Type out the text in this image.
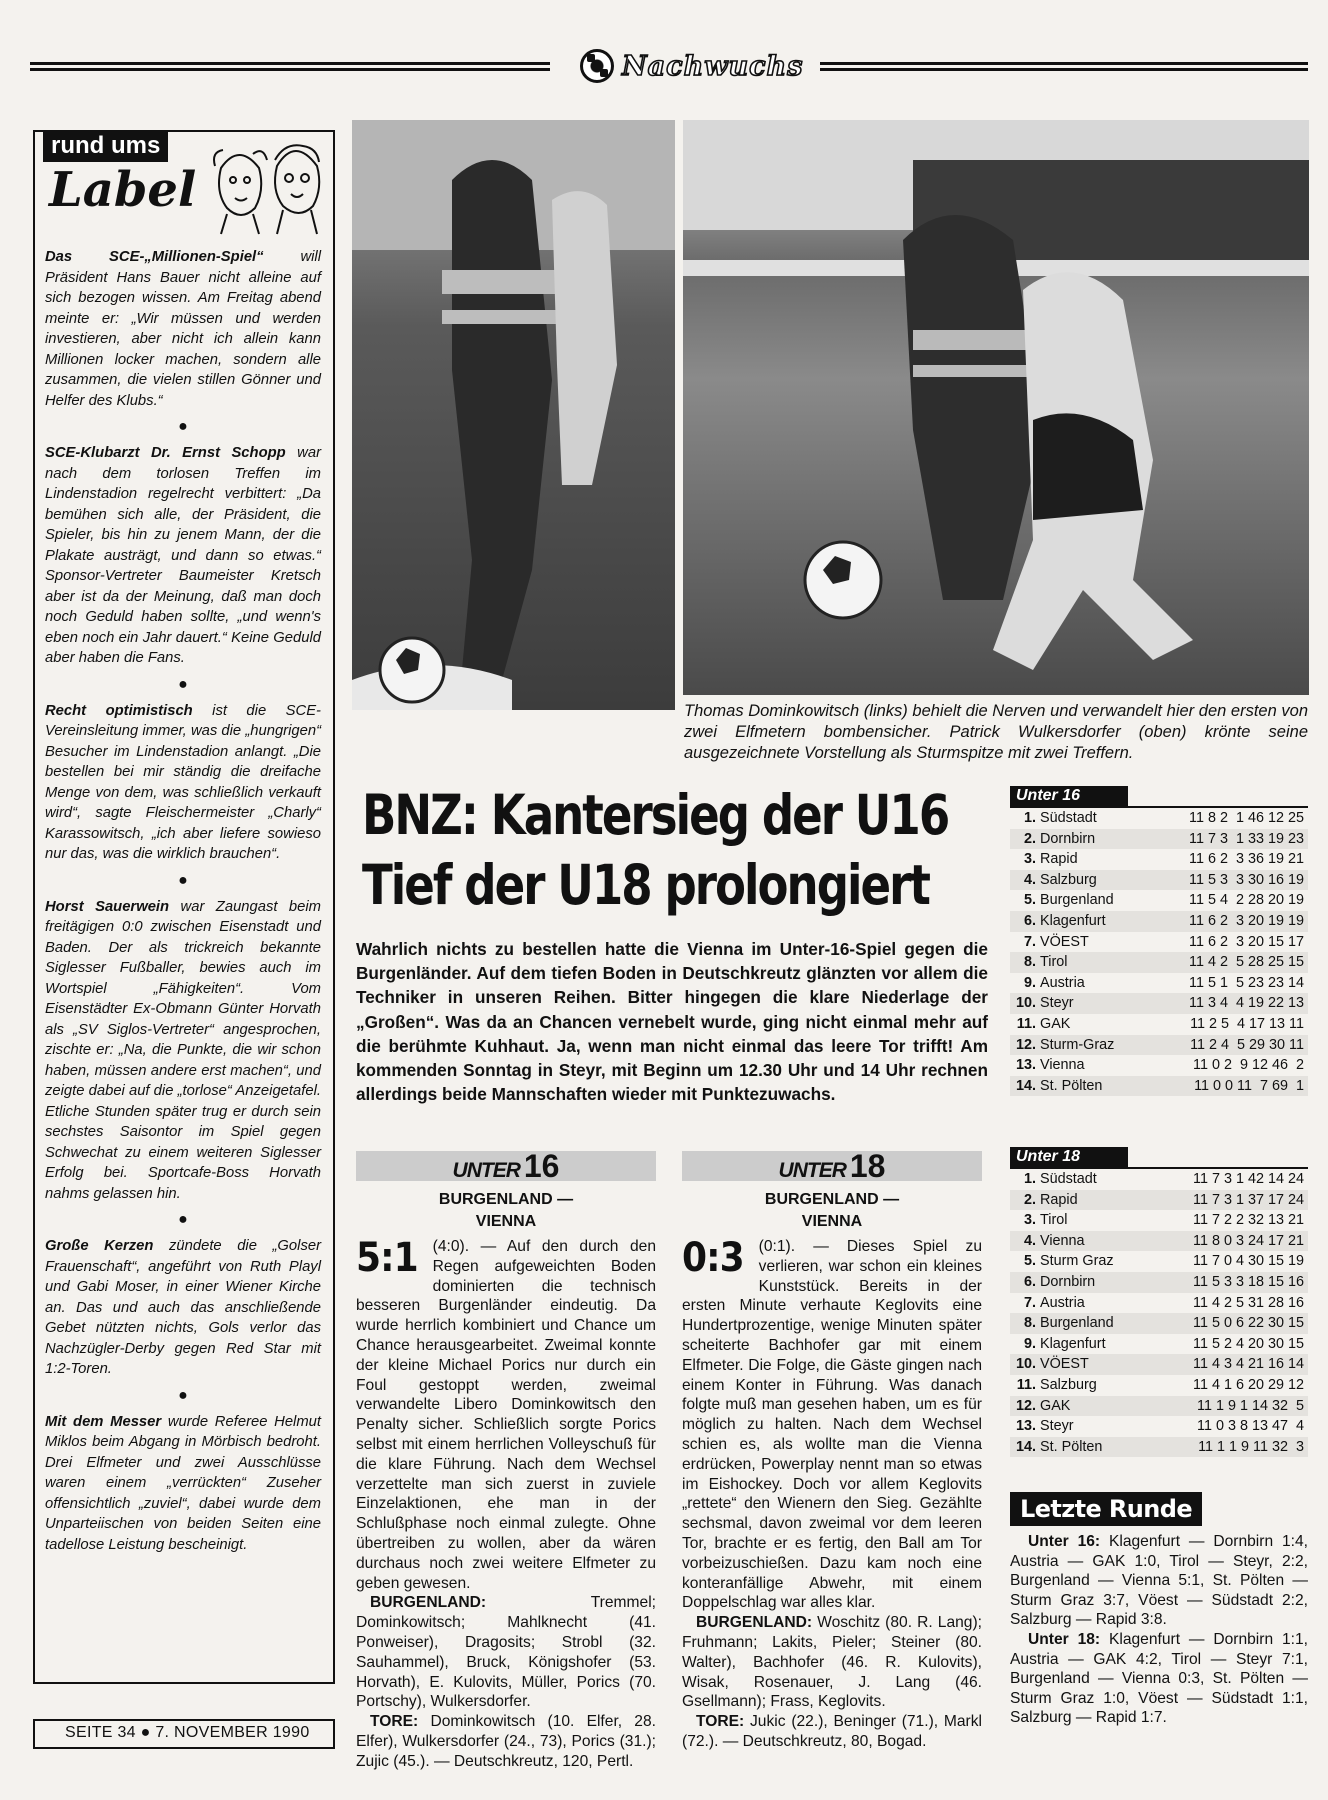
Nachwuchs
rund ums
Label

Das SCE-„Millionen-Spiel“ will Präsident Hans Bauer nicht alleine auf sich bezogen wissen. Am Freitag abend meinte er: „Wir müssen und werden investieren, aber nicht ich allein kann Millionen locker machen, sondern alle zusammen, die vielen stillen Gönner und Helfer des Klubs.“

●

SCE-Klubarzt Dr. Ernst Schopp war nach dem torlosen Treffen im Lindenstadion regelrecht verbittert: „Da bemühen sich alle, der Präsident, die Spieler, bis hin zu jenem Mann, der die Plakate austrägt, und dann so etwas.“ Sponsor-Vertreter Baumeister Kretsch aber ist da der Meinung, daß man doch noch Geduld haben sollte, „und wenn's eben noch ein Jahr dauert.“ Keine Geduld aber haben die Fans.

●

Recht optimistisch ist die SCE-Vereinsleitung immer, was die „hungrigen“ Besucher im Lindenstadion anlangt. „Die bestellen bei mir ständig die dreifache Menge von dem, was schließlich verkauft wird“, sagte Fleischermeister „Charly“ Karassowitsch, „ich aber liefere sowieso nur das, was die wirklich brauchen“.

●

Horst Sauerwein war Zaungast beim freitägigen 0:0 zwischen Eisenstadt und Baden. Der als trickreich bekannte Siglesser Fußballer, bewies auch im Wortspiel „Fähigkeiten“. Vom Eisenstädter Ex-Obmann Günter Horvath als „SV Siglos-Vertreter“ angesprochen, zischte er: „Na, die Punkte, die wir schon haben, müssen andere erst machen“, und zeigte dabei auf die „torlose“ Anzeigetafel. Etliche Stunden später trug er durch sein sechstes Saisontor im Spiel gegen Schwechat zu einem weiteren Siglesser Erfolg bei. Sportcafe-Boss Horvath nahms gelassen hin.

●

Große Kerzen zündete die „Golser Frauenschaft“, angeführt von Ruth Playl und Gabi Moser, in einer Wiener Kirche an. Das und auch das anschließende Gebet nützten nichts, Gols verlor das Nachzügler-Derby gegen Red Star mit 1:2-Toren.

●

Mit dem Messer wurde Referee Helmut Miklos beim Abgang in Mörbisch bedroht. Drei Elfmeter und zwei Ausschlüsse waren einem „verrückten“ Zuseher offensichtlich „zuviel“, dabei wurde dem Unparteiischen von beiden Seiten eine tadellose Leistung bescheinigt.

SEITE 34 ● 7. NOVEMBER 1990
Thomas Dominkowitsch (links) behielt die Nerven und verwandelt hier den ersten von zwei Elfmetern bombensicher. Patrick Wulkersdorfer (oben) krönte seine ausgezeichnete Vorstellung als Sturmspitze mit zwei Treffern.
BNZ: Kantersieg der U16
Tief der U18 prolongiert
Wahrlich nichts zu bestellen hatte die Vienna im Unter-16-Spiel gegen die Burgenländer. Auf dem tiefen Boden in Deutschkreutz glänzten vor allem die Techniker in unseren Reihen. Bitter hingegen die klare Niederlage der „Großen“. Was da an Chancen vernebelt wurde, ging nicht einmal mehr auf die berühmte Kuhhaut. Ja, wenn man nicht einmal das leere Tor trifft! Am kommenden Sonntag in Steyr, mit Beginn um 12.30 Uhr und 14 Uhr rechnen allerdings beide Mannschaften wieder mit Punktezuwachs.
UNTER 16
BURGENLAND —
VIENNA
5:1 (4:0). — Auf den durch den Regen aufgeweichten Boden dominierten die technisch besseren Burgenländer eindeutig. Da wurde herrlich kombiniert und Chance um Chance herausgearbeitet. Zweimal konnte der kleine Michael Porics nur durch ein Foul gestoppt werden, zweimal verwandelte Libero Dominkowitsch den Penalty sicher. Schließlich sorgte Porics selbst mit einem herrlichen Volleyschuß für die klare Führung. Nach dem Wechsel verzettelte man sich zuerst in zuviele Einzelaktionen, ehe man in der Schlußphase noch einmal zulegte. Ohne übertreiben zu wollen, aber da wären durchaus noch zwei weitere Elfmeter zu geben gewesen.

BURGENLAND: Tremmel; Dominkowitsch; Mahlknecht (41. Ponweiser), Dragosits; Strobl (32. Sauhammel), Bruck, Königshofer (53. Horvath), E. Kulovits, Müller, Porics (70. Portschy), Wulkersdorfer.

TORE: Dominkowitsch (10. Elfer, 28. Elfer), Wulkersdorfer (24., 73), Porics (31.); Zujic (45.). — Deutschkreutz, 120, Pertl.

UNTER 18
BURGENLAND —
VIENNA
0:3 (0:1). — Dieses Spiel zu verlieren, war schon ein kleines Kunststück. Bereits in der ersten Minute verhaute Keglovits eine Hundertprozentige, wenige Minuten später scheiterte Bachhofer gar mit einem Elfmeter. Die Folge, die Gäste gingen nach einem Konter in Führung. Was danach folgte muß man gesehen haben, um es für möglich zu halten. Nach dem Wechsel schien es, als wollte man die Vienna erdrücken, Powerplay nennt man so etwas im Eishockey. Doch vor allem Keglovits „rettete“ den Wienern den Sieg. Gezählte sechsmal, davon zweimal vor dem leeren Tor, brachte er es fertig, den Ball am Tor vorbeizuschießen. Dazu kam noch eine konteranfällige Abwehr, mit einem Doppelschlag war alles klar.

BURGENLAND: Woschitz (80. R. Lang); Fruhmann; Lakits, Pieler; Steiner (80. Walter), Bachhofer (46. R. Kulovits), Wisak, Rosenauer, J. Lang (46. Gsellmann); Frass, Keglovits.

TORE: Jukic (22.), Beninger (71.), Markl (72.). — Deutschkreutz, 80, Bogad.

Unter 16
1. Südstadt	11 8 2  1 46 12 25
2. Dornbirn	11 7 3  1 33 19 23
3. Rapid	11 6 2  3 36 19 21
4. Salzburg	11 5 3  3 30 16 19
5. Burgenland	11 5 4  2 28 20 19
6. Klagenfurt	11 6 2  3 20 19 19
7. VÖEST	11 6 2  3 20 15 17
8. Tirol	11 4 2  5 28 25 15
9. Austria	11 5 1  5 23 23 14
10. Steyr	11 3 4  4 19 22 13
11. GAK	11 2 5  4 17 13 11
12. Sturm-Graz	11 2 4  5 29 30 11
13. Vienna	11 0 2  9 12 46  2
14. St. Pölten	11 0 0 11  7 69  1
Unter 18
1. Südstadt	11 7 3 1 42 14 24
2. Rapid	11 7 3 1 37 17 24
3. Tirol	11 7 2 2 32 13 21
4. Vienna	11 8 0 3 24 17 21
5. Sturm Graz	11 7 0 4 30 15 19
6. Dornbirn	11 5 3 3 18 15 16
7. Austria	11 4 2 5 31 28 16
8. Burgenland	11 5 0 6 22 30 15
9. Klagenfurt	11 5 2 4 20 30 15
10. VÖEST	11 4 3 4 21 16 14
11. Salzburg	11 4 1 6 20 29 12
12. GAK	11 1 9 1 14 32  5
13. Steyr	11 0 3 8 13 47  4
14. St. Pölten	11 1 1 9 11 32  3
Letzte Runde

Unter 16: Klagenfurt — Dornbirn 1:4, Austria — GAK 1:0, Tirol — Steyr, 2:2, Burgenland — Vienna 5:1, St. Pölten — Sturm Graz 3:7, Vöest — Südstadt 2:2, Salzburg — Rapid 3:8.

Unter 18: Klagenfurt — Dornbirn 1:1, Austria — GAK 4:2, Tirol — Steyr 7:1, Burgenland — Vienna 0:3, St. Pölten — Sturm Graz 1:0, Vöest — Südstadt 1:1, Salzburg — Rapid 1:7.
